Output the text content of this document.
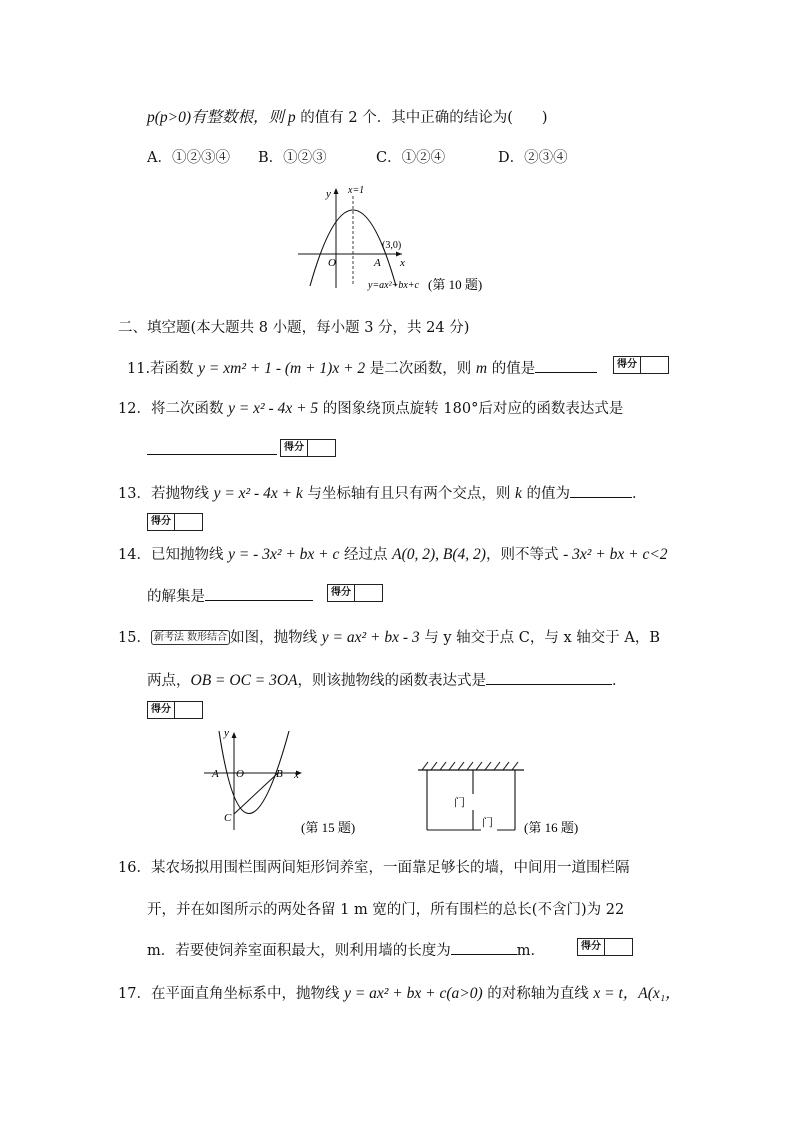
p(p>0)有整数根，则 p 的值有 2 个．其中正确的结论为(　　)
A．①②③④ B．①②③	C．①②④	D．②③④
y
x
x=1
(3,0)
O	A
y=ax²+bx+c (第 10 题)
二、填空题(本大题共 8 小题，每小题 3 分，共 24 分)
11.若函数 y = xm² + 1 - (m + 1)x + 2 是二次函数，则 m 的值是	得分
12．将二次函数 y = x² - 4x + 5 的图象绕顶点旋转 180°后对应的函数表达式是
得分
13．若抛物线 y = x² - 4x + k 与坐标轴有且只有两个交点，则 k 的值为	．
得分
14．已知抛物线 y = - 3x² + bx + c 经过点 A(0, 2), B(4, 2)，则不等式 - 3x² + bx + c<2
的解集是	得分
15． 新考法 数形结合 如图，抛物线 y = ax² + bx - 3 与 y 轴交于点 C，与 x 轴交于 A，B
两点，OB = OC = 3OA，则该抛物线的函数表达式是	．
得分
y
x
A O	B
C
(第 15 题)
门
门 (第 16 题)
16．某农场拟用围栏围两间矩形饲养室，一面靠足够长的墙，中间用一道围栏隔
开，并在如图所示的两处各留 1 m 宽的门，所有围栏的总长(不含门)为 22
m．若要使饲养室面积最大，则利用墙的长度为	m．	得分
17．在平面直角坐标系中，抛物线 y = ax² + bx + c(a>0) 的对称轴为直线 x = t，A(x₁，
